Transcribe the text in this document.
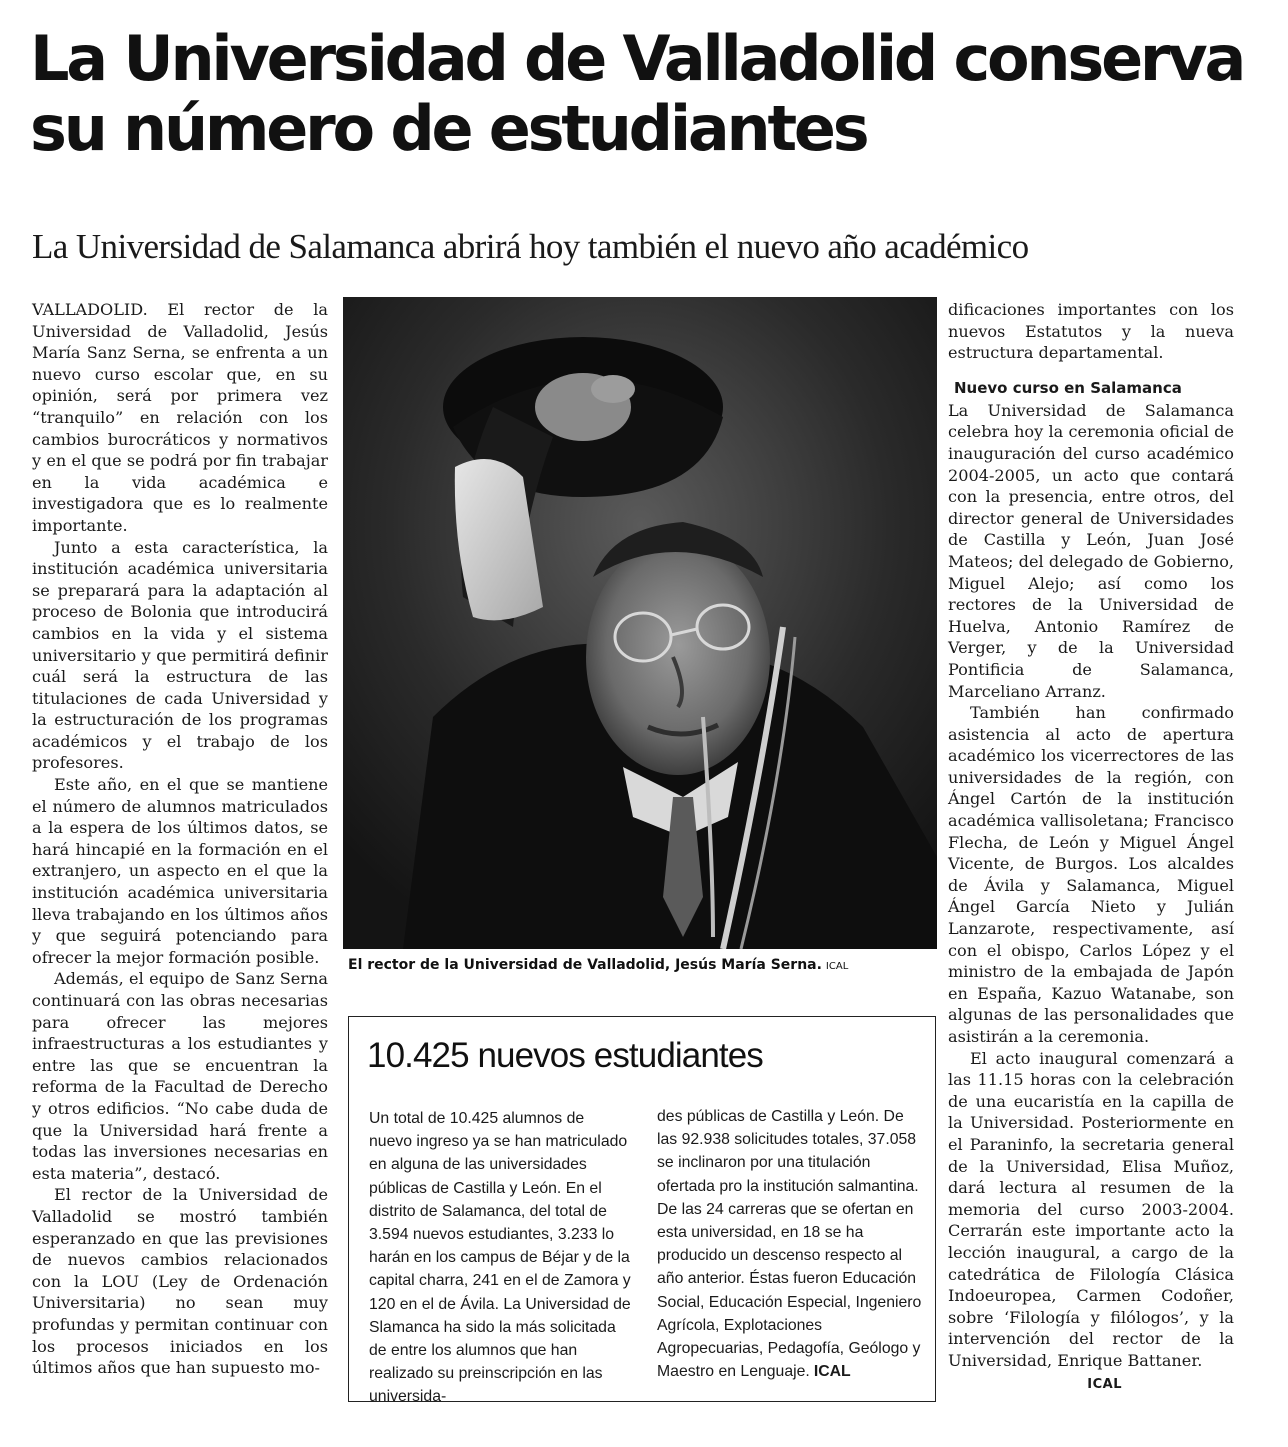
La Universidad de Valladolid conserva su número de estudiantes
La Universidad de Salamanca abrirá hoy también el nuevo año académico

VALLADOLID. El rector de la Universidad de Valladolid, Jesús María Sanz Serna, se enfrenta a un nuevo curso escolar que, en su opinión, será por primera vez “tranquilo” en relación con los cambios burocráticos y normativos y en el que se podrá por fin trabajar en la vida académica e investigadora que es lo realmente importante.

Junto a esta característica, la institución académica universitaria se preparará para la adaptación al proceso de Bolonia que introducirá cambios en la vida y el sistema universitario y que permitirá definir cuál será la estructura de las titulaciones de cada Universidad y la estructuración de los programas académicos y el trabajo de los profesores.

Este año, en el que se mantiene el número de alumnos matriculados a la espera de los últimos datos, se hará hincapié en la formación en el extranjero, un aspecto en el que la institución académica universitaria lleva trabajando en los últimos años y que seguirá potenciando para ofrecer la mejor formación posible.

Además, el equipo de Sanz Serna continuará con las obras necesarias para ofrecer las mejores infraestructuras a los estudiantes y entre las que se encuentran la reforma de la Facultad de Derecho y otros edificios. “No cabe duda de que la Universidad hará frente a todas las inversiones necesarias en esta materia”, destacó.

El rector de la Universidad de Valladolid se mostró también esperanzado en que las previsiones de nuevos cambios relacionados con la LOU (Ley de Ordenación Universitaria) no sean muy profundas y permitan continuar con los procesos iniciados en los últimos años que han supuesto mo-

El rector de la Universidad de Valladolid, Jesús María Serna. ICAL
10.425 nuevos estudiantes

Un total de 10.425 alumnos de nuevo ingreso ya se han matriculado en alguna de las universidades públicas de Castilla y León. En el distrito de Salamanca, del total de 3.594 nuevos estudiantes, 3.233 lo harán en los campus de Béjar y de la capital charra, 241 en el de Zamora y 120 en el de Ávila. La Universidad de Slamanca ha sido la más solicitada de entre los alumnos que han realizado su preinscripción en las universida-

des públicas de Castilla y León. De las 92.938 solicitudes totales, 37.058 se inclinaron por una titulación ofertada pro la institución salmantina.

De las 24 carreras que se ofertan en esta universidad, en 18 se ha producido un descenso respecto al año anterior. Éstas fueron Educación Social, Educación Especial, Ingeniero Agrícola, Explotaciones Agropecuarias, Pedagofía, Geólogo y Maestro en Lenguaje. ICAL

dificaciones importantes con los nuevos Estatutos y la nueva estructura departamental.

Nuevo curso en Salamanca

La Universidad de Salamanca celebra hoy la ceremonia oficial de inauguración del curso académico 2004-2005, un acto que contará con la presencia, entre otros, del director general de Universidades de Castilla y León, Juan José Mateos; del delegado de Gobierno, Miguel Alejo; así como los rectores de la Universidad de Huelva, Antonio Ramírez de Verger, y de la Universidad Pontificia de Salamanca, Marceliano Arranz.

También han confirmado asistencia al acto de apertura académico los vicerrectores de las universidades de la región, con Ángel Cartón de la institución académica vallisoletana; Francisco Flecha, de León y Miguel Ángel Vicente, de Burgos. Los alcaldes de Ávila y Salamanca, Miguel Ángel García Nieto y Julián Lanzarote, respectivamente, así con el obispo, Carlos López y el ministro de la embajada de Japón en España, Kazuo Watanabe, son algunas de las personalidades que asistirán a la ceremonia.

El acto inaugural comenzará a las 11.15 horas con la celebración de una eucaristía en la capilla de la Universidad. Posteriormente en el Paraninfo, la secretaria general de la Universidad, Elisa Muñoz, dará lectura al resumen de la memoria del curso 2003-2004. Cerrarán este importante acto la lección inaugural, a cargo de la catedrática de Filología Clásica Indoeuropea, Carmen Codoñer, sobre ‘Filología y filólogos’, y la intervención del rector de la Universidad, Enrique Battaner.

ICAL
